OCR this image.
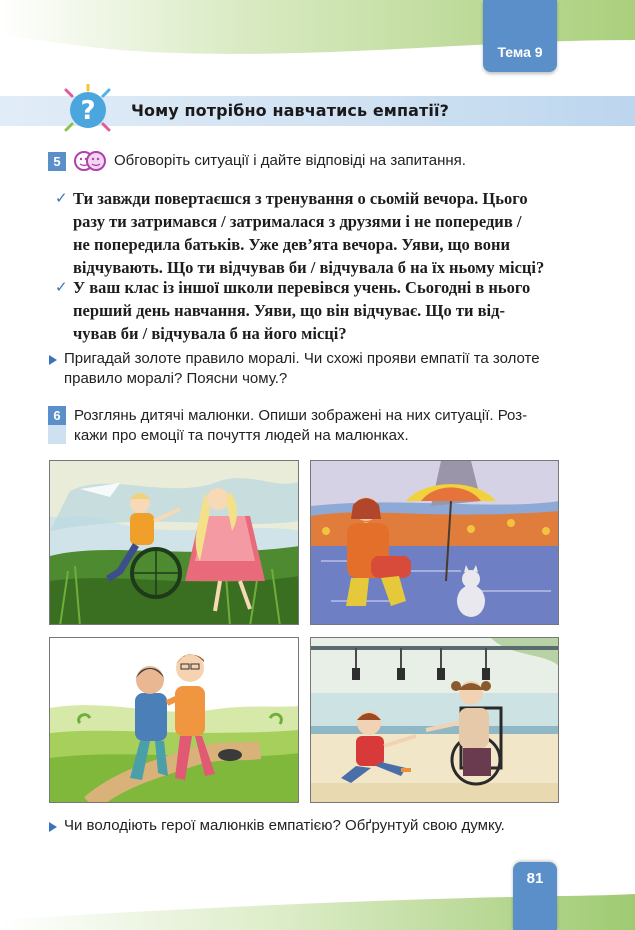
Тема 9
? Чому потрібно навчатись емпатії?
5	Обговоріть ситуації і дайте відповіді на запитання.
✓ Ти завжди повертаєшся з тренування о сьомій вечора. Цього
разу ти затримався / затрималася з друзями і не попередив /
не попередила батьків. Уже дев’ята вечора. Уяви, що вони
відчувають. Що ти відчував би / відчувала б на їх ньому місці?
✓ У ваш клас із іншої школи перевівся учень. Сьогодні в нього
перший день навчання. Уяви, що він відчуває. Що ти від-
чував би / відчувала б на його місці?
Пригадай золоте правило моралі. Чи схожі прояви емпатії та золоте
правило моралі? Поясни чому.?
6 Розглянь дитячі малюнки. Опиши зображені на них ситуації. Роз-
кажи про емоції та почуття людей на малюнках.
Чи володіють герої малюнків емпатією? Обґрунтуй свою думку.
81
